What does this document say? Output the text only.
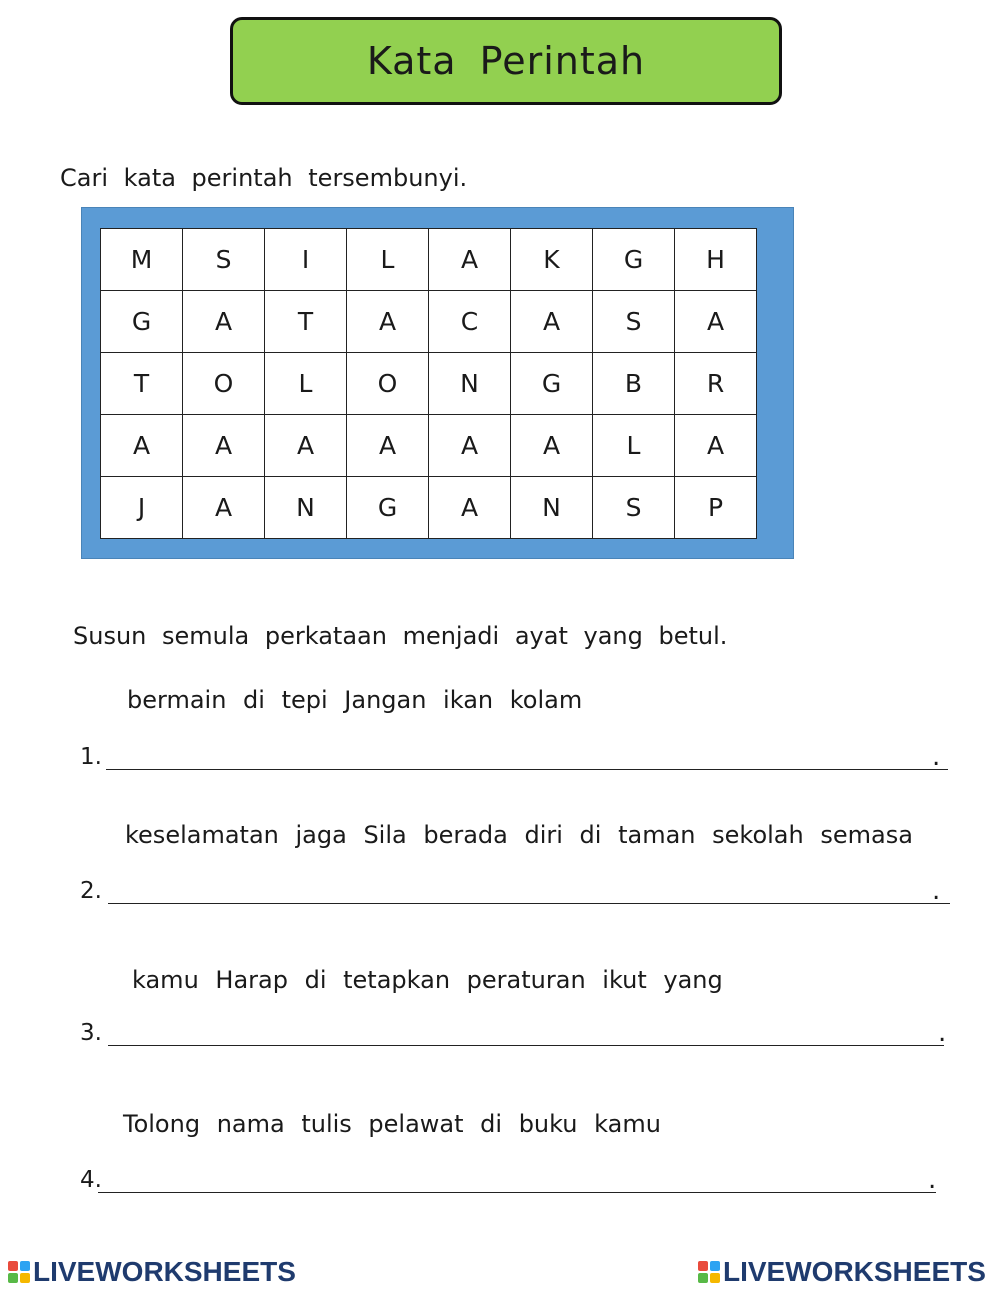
Kata Perintah
Cari kata perintah tersembunyi.
M	S	I	L	A	K	G	H
G	A	T	A	C	A	S	A
T	O	L	O	N	G	B	R
A	A	A	A	A	A	L	A
J	A	N	G	A	N	S	P
Susun semula perkataan menjadi ayat yang betul.
bermain di tepi Jangan ikan kolam
1.	.
keselamatan jaga Sila berada diri di taman sekolah semasa
2.	.
kamu Harap di tetapkan peraturan ikut yang
3.	.
Tolong nama tulis pelawat di buku kamu
4.	.
LIVEWORKSHEETS	LIVEWORKSHEETS
